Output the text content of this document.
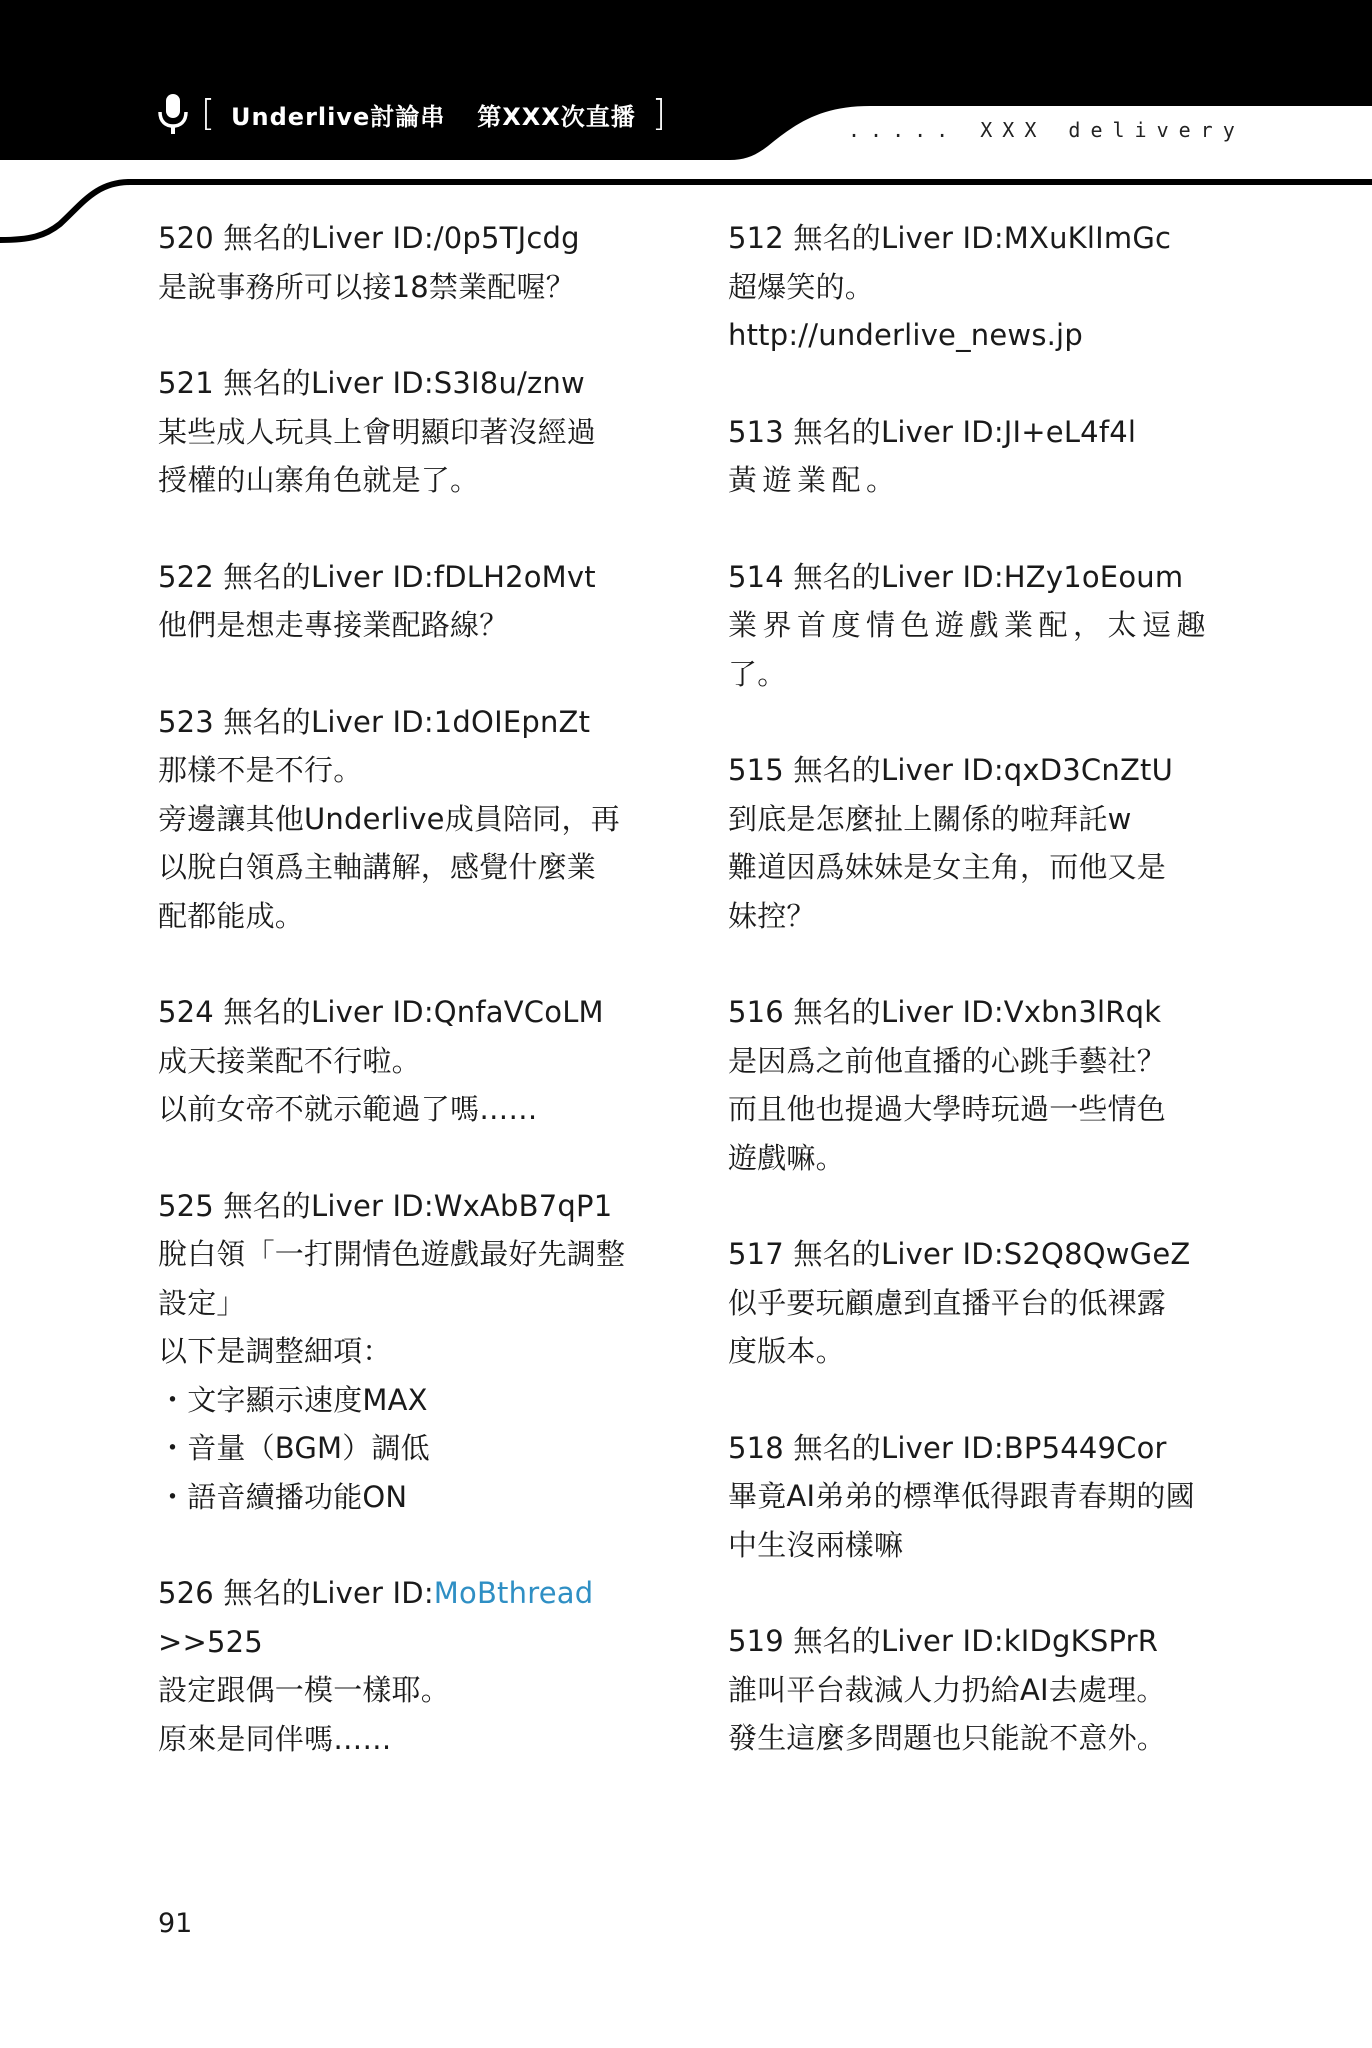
[ Underlive討論串 第XXX次直播 ]	..... XXX delivery
520 無名的Liver ID:/0p5TJcdg
是說事務所可以接18禁業配喔？
521 無名的Liver ID:S3I8u/znw
某些成人玩具上會明顯印著沒經過
授權的山寨角色就是了。
522 無名的Liver ID:fDLH2oMvt
他們是想走專接業配路線？
523 無名的Liver ID:1dOIEpnZt
那樣不是不行。
旁邊讓其他Underlive成員陪同，再
以脫白領爲主軸講解，感覺什麼業
配都能成。
524 無名的Liver ID:QnfaVCoLM
成天接業配不行啦。
以前女帝不就示範過了嗎……
525 無名的Liver ID:WxAbB7qP1
脫白領「一打開情色遊戲最好先調整
設定」
以下是調整細項：
・文字顯示速度MAX
・音量（BGM）調低
・語音續播功能ON
526 無名的Liver ID:MoBthread
>>525
設定跟偶一模一樣耶。
原來是同伴嗎……
512 無名的Liver ID:MXuKlImGc
超爆笑的。
http://underlive_news.jp
513 無名的Liver ID:JI+eL4f4l
黃遊業配。
514 無名的Liver ID:HZy1oEoum
業界首度情色遊戲業配，太逗趣
了。
515 無名的Liver ID:qxD3CnZtU
到底是怎麼扯上關係的啦拜託w
難道因爲妹妹是女主角，而他又是
妹控？
516 無名的Liver ID:Vxbn3lRqk
是因爲之前他直播的心跳手藝社？
而且他也提過大學時玩過一些情色
遊戲嘛。
517 無名的Liver ID:S2Q8QwGeZ
似乎要玩顧慮到直播平台的低裸露
度版本。
518 無名的Liver ID:BP5449Cor
畢竟AI弟弟的標準低得跟青春期的國
中生沒兩樣嘛
519 無名的Liver ID:kIDgKSPrR
誰叫平台裁減人力扔給AI去處理。
發生這麼多問題也只能說不意外。
91
